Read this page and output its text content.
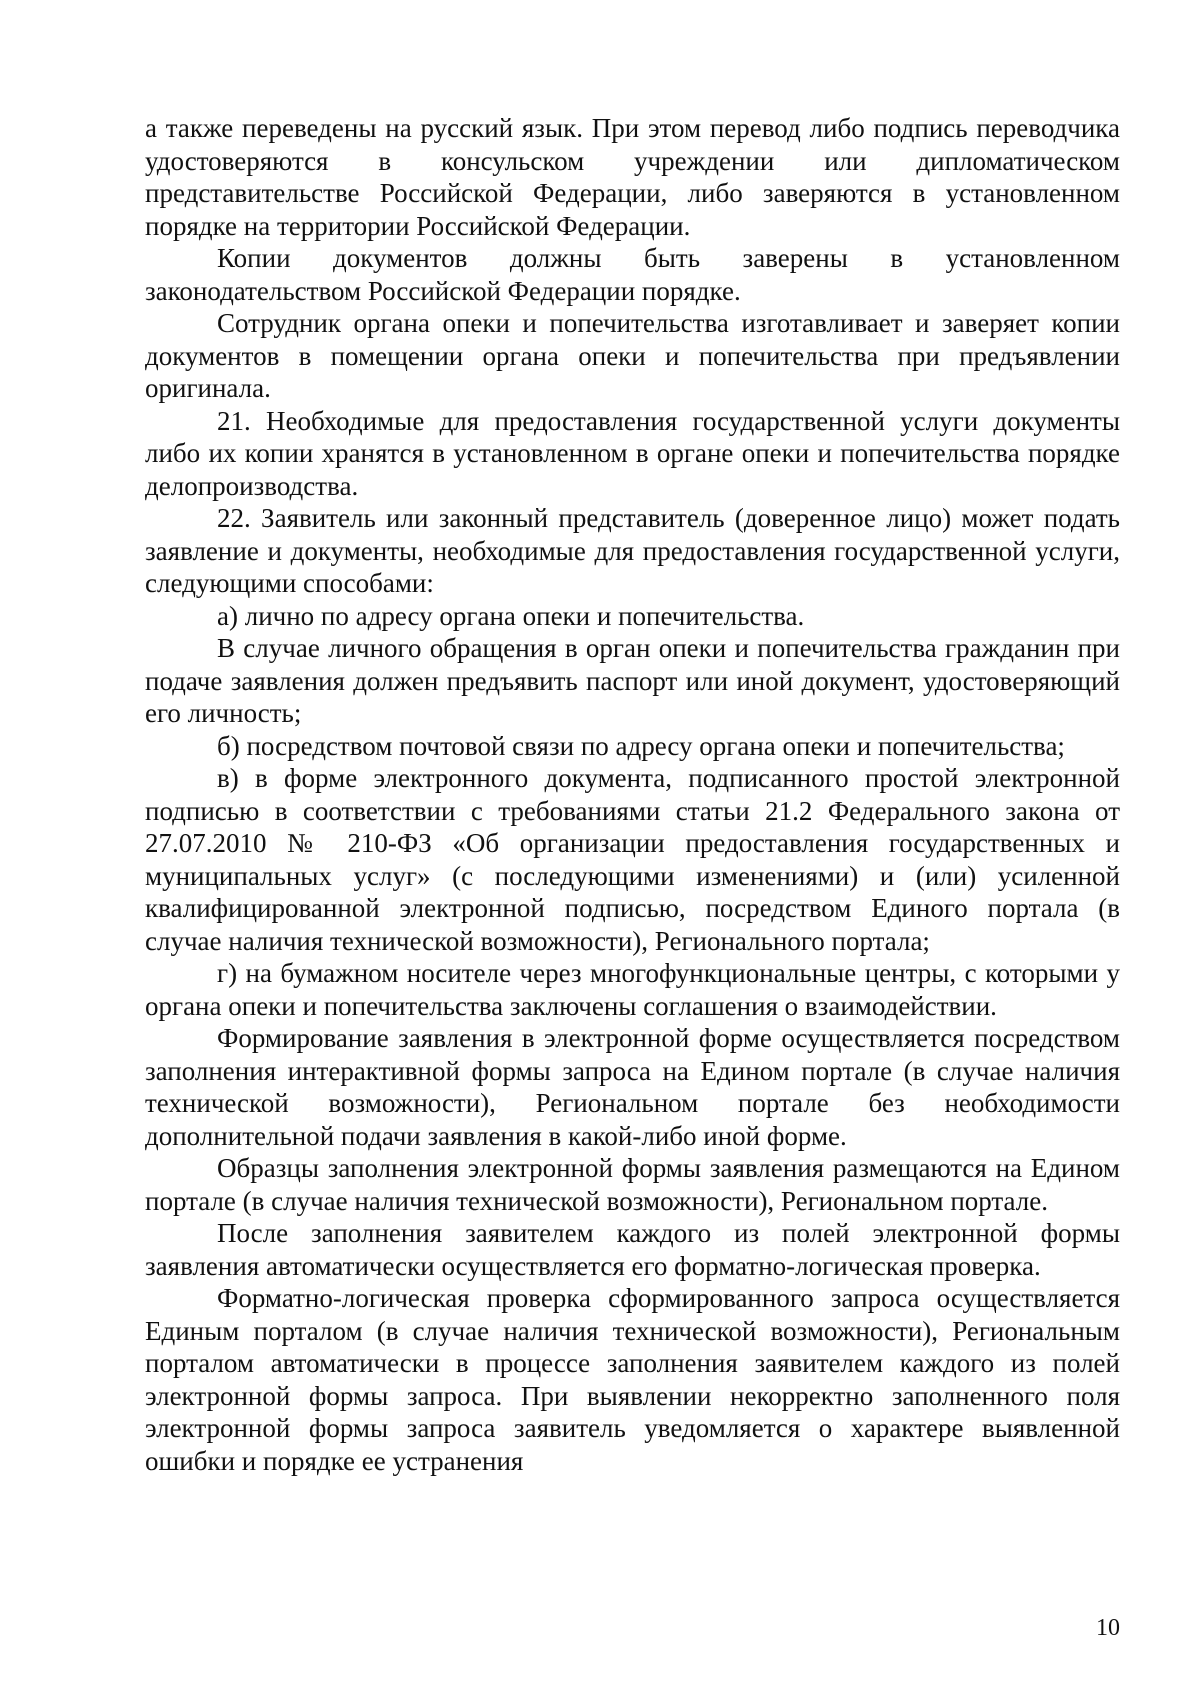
а также переведены на русский язык. При этом перевод либо подпись переводчика удостоверяются в консульском учреждении или дипломатическом представительстве Российской Федерации, либо заверяются в установленном порядке на территории Российской Федерации.

Копии документов должны быть заверены в установленном законодательством Российской Федерации порядке.

Сотрудник органа опеки и попечительства изготавливает и заверяет копии документов в помещении органа опеки и попечительства при предъявлении оригинала.

21. Необходимые для предоставления государственной услуги документы либо их копии хранятся в установленном в органе опеки и попечительства порядке делопроизводства.

22. Заявитель или законный представитель (доверенное лицо) может подать заявление и документы, необходимые для предоставления государственной услуги, следующими способами:

а) лично по адресу органа опеки и попечительства.

В случае личного обращения в орган опеки и попечительства гражданин при подаче заявления должен предъявить паспорт или иной документ, удостоверяющий его личность;

б) посредством почтовой связи по адресу органа опеки и попечительства;

в) в форме электронного документа, подписанного простой электронной подписью в соответствии с требованиями статьи 21.2 Федерального закона от 27.07.2010 № 210-ФЗ «Об организации предоставления государственных и муниципальных услуг» (с последующими изменениями) и (или) усиленной квалифицированной электронной подписью, посредством Единого портала (в случае наличия технической возможности), Регионального портала;

г) на бумажном носителе через многофункциональные центры, с которыми у органа опеки и попечительства заключены соглашения о взаимодействии.

Формирование заявления в электронной форме осуществляется посредством заполнения интерактивной формы запроса на Едином портале (в случае наличия технической возможности), Региональном портале без необходимости дополнительной подачи заявления в какой-либо иной форме.

Образцы заполнения электронной формы заявления размещаются на Едином портале (в случае наличия технической возможности), Региональном портале.

После заполнения заявителем каждого из полей электронной формы заявления автоматически осуществляется его форматно-логическая проверка.

Форматно-логическая проверка сформированного запроса осуществляется Единым порталом (в случае наличия технической возможности), Региональным порталом автоматически в процессе заполнения заявителем каждого из полей электронной формы запроса. При выявлении некорректно заполненного поля электронной формы запроса заявитель уведомляется о характере выявленной ошибки и порядке ее устранения

10
